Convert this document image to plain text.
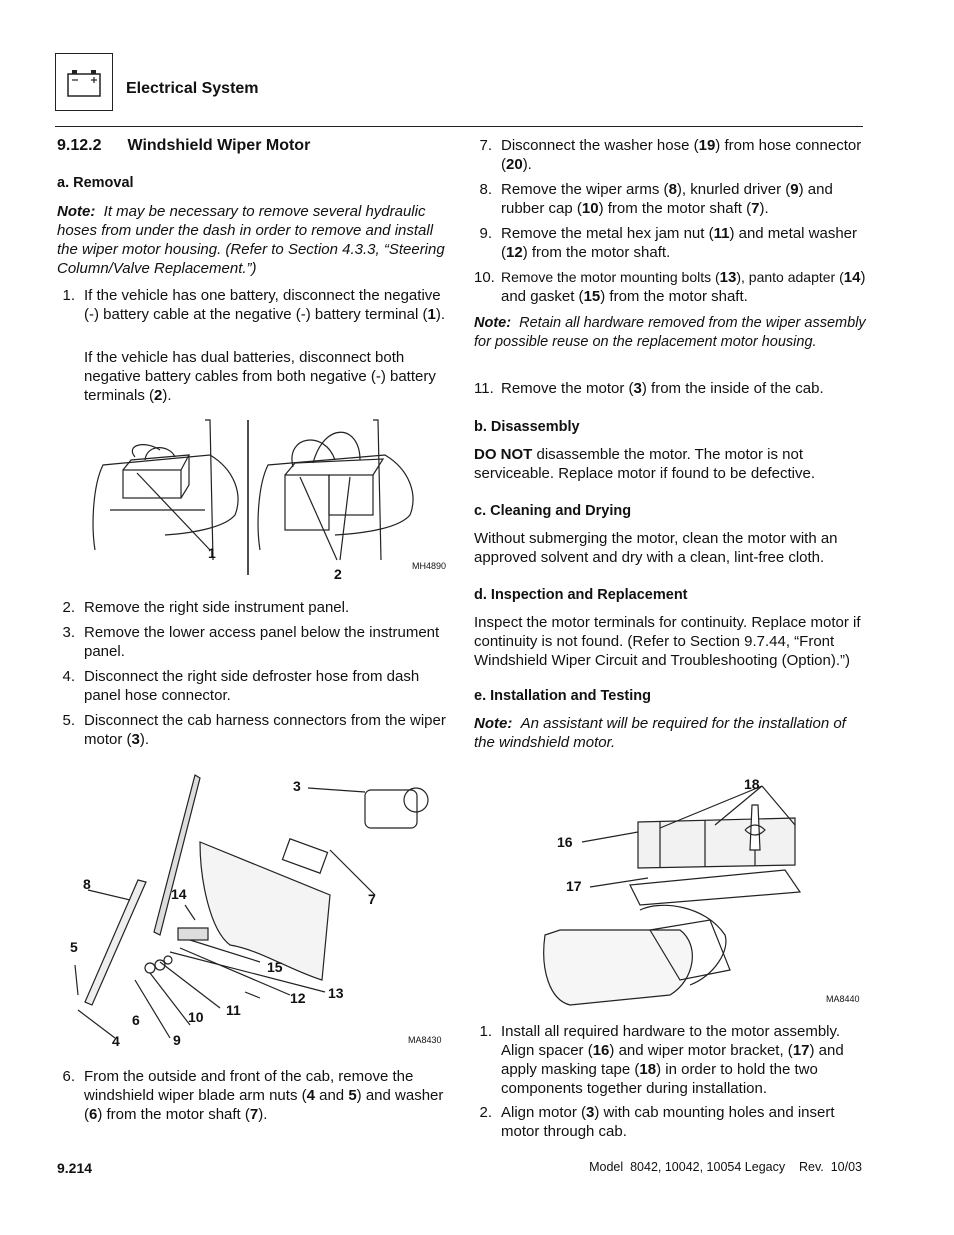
Electrical System
9.12.2 Windshield Wiper Motor
a. Removal

Note: It may be necessary to remove several hydraulic hoses from under the dash in order to remove and install the wiper motor housing. (Refer to Section 4.3.3, “Steering Column/Valve Replacement.”)

1. If the vehicle has one battery, disconnect the negative (-) battery cable at the negative (-) battery terminal (1).

If the vehicle has dual batteries, disconnect both negative battery cables from both negative (-) battery terminals (2).

1
2	MH4890
2. Remove the right side instrument panel.
3. Remove the lower access panel below the instrument panel.
4. Disconnect the right side defroster hose from dash panel hose connector.
5. Disconnect the cab harness connectors from the wiper motor (3).
3
8
14	7
5
15
12 13
6	10 11
4	9	MA8430
6. From the outside and front of the cab, remove the windshield wiper blade arm nuts (4 and 5) and washer (6) from the motor shaft (7).
7. Disconnect the washer hose (19) from hose connector (20).
8. Remove the wiper arms (8), knurled driver (9) and rubber cap (10) from the motor shaft (7).
9. Remove the metal hex jam nut (11) and metal washer (12) from the motor shaft.
10. Remove the motor mounting bolts (13), panto adapter (14) and gasket (15) from the motor shaft.

Note: Retain all hardware removed from the wiper assembly for possible reuse on the replacement motor housing.

11. Remove the motor (3) from the inside of the cab.
b. Disassembly

DO NOT disassemble the motor. The motor is not serviceable. Replace motor if found to be defective.

c. Cleaning and Drying

Without submerging the motor, clean the motor with an approved solvent and dry with a clean, lint-free cloth.

d. Inspection and Replacement

Inspect the motor terminals for continuity. Replace motor if continuity is not found. (Refer to Section 9.7.44, “Front Windshield Wiper Circuit and Troubleshooting (Option).”)

e. Installation and Testing

Note: An assistant will be required for the installation of the windshield motor.

18
16
17
MA8440
1. Install all required hardware to the motor assembly. Align spacer (16) and wiper motor bracket, (17) and apply masking tape (18) in order to hold the two components together during installation.
2. Align motor (3) with cab mounting holes and insert motor through cab.
9.214	Model  8042, 10042, 10054 Legacy    Rev.  10/03
